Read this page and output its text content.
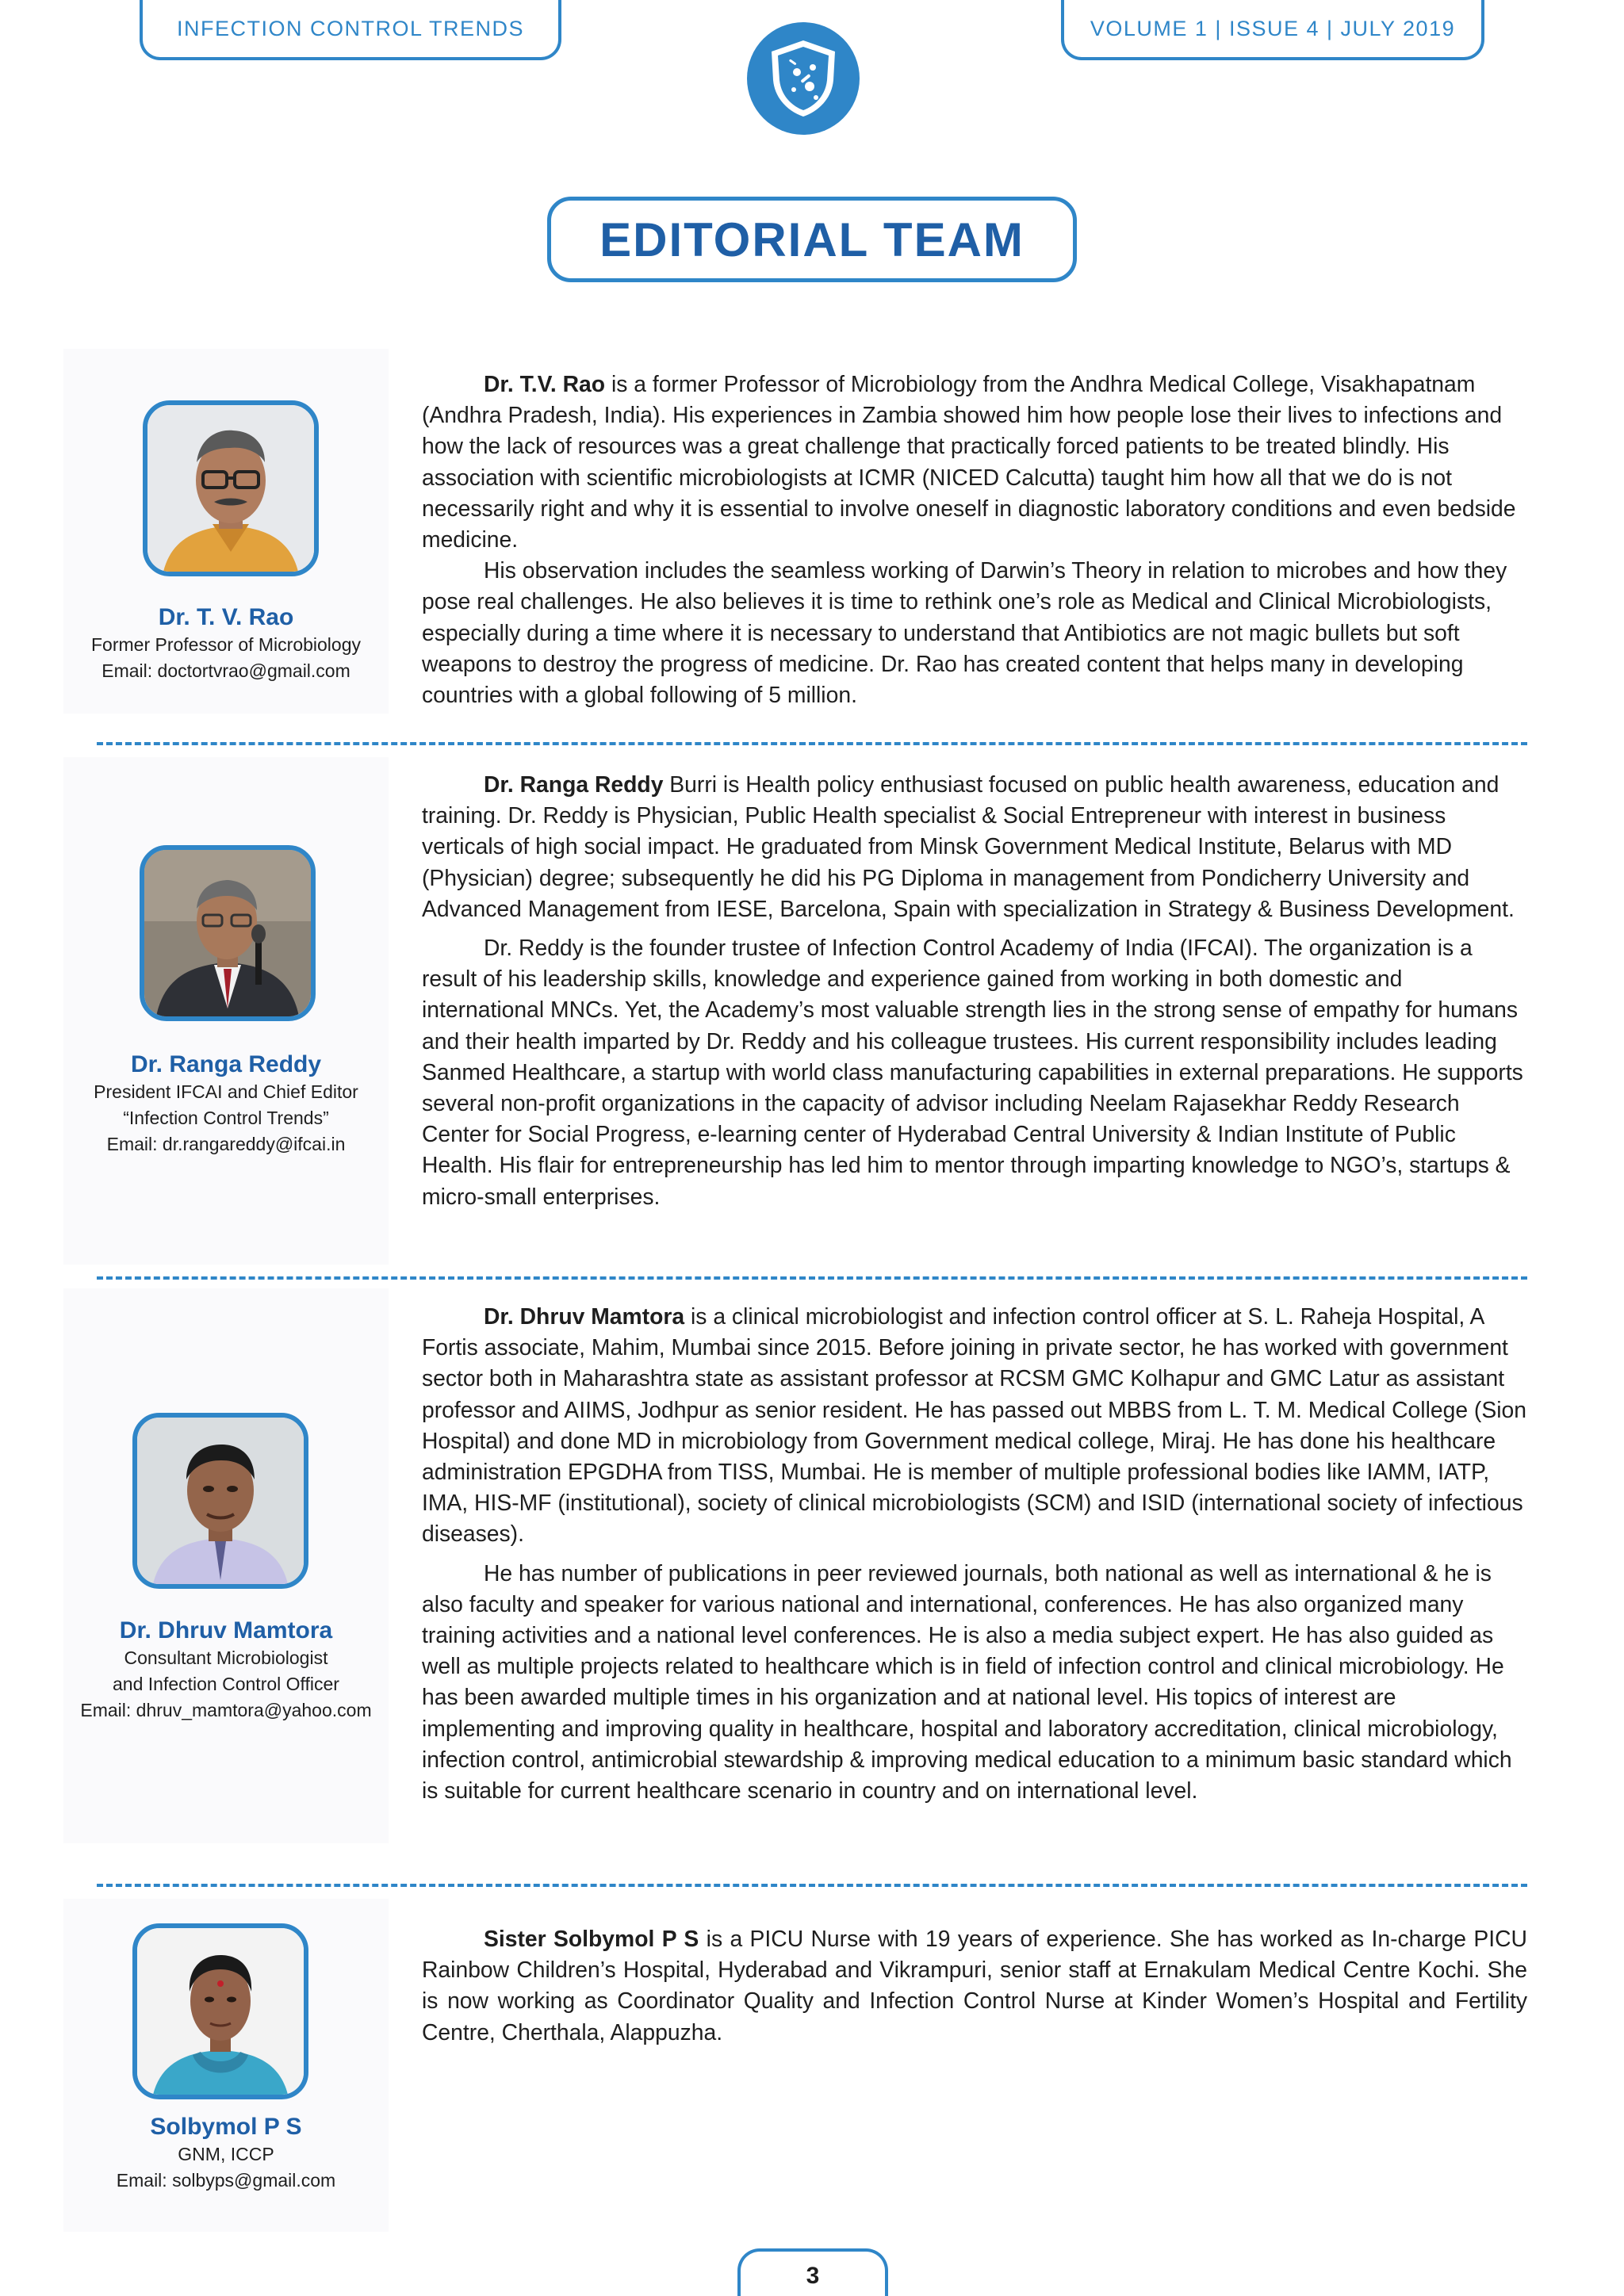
INFECTION CONTROL TRENDS	VOLUME 1 | ISSUE 4 | JULY 2019
EDITORIAL TEAM
Dr. T. V. Rao
Former Professor of Microbiology
Email: doctortvrao@gmail.com

Dr. T.V. Rao is a former Professor of Microbiology from the Andhra Medical College, Visakhapatnam (Andhra Pradesh, India). His experiences in Zambia showed him how people lose their lives to infections and how the lack of resources was a great challenge that practically forced patients to be treated blindly. His association with scientific microbiologists at ICMR (NICED Calcutta) taught him how all that we do is not necessarily right and why it is essential to involve oneself in diagnostic laboratory conditions and even bedside medicine.

His observation includes the seamless working of Darwin’s Theory in relation to microbes and how they pose real challenges. He also believes it is time to rethink one’s role as Medical and Clinical Microbiologists, especially during a time where it is necessary to understand that Antibiotics are not magic bullets but soft weapons to destroy the progress of medicine. Dr. Rao has created content that helps many in developing countries with a global following of 5 million.

Dr. Ranga Reddy
President IFCAI and Chief Editor
“Infection Control Trends”
Email: dr.rangareddy@ifcai.in

Dr. Ranga Reddy Burri is Health policy enthusiast focused on public health awareness, education and training. Dr. Reddy is Physician, Public Health specialist & Social Entrepreneur with interest in business verticals of high social impact. He graduated from Minsk Government Medical Institute, Belarus with MD (Physician) degree; subsequently he did his PG Diploma in management from Pondicherry University and Advanced Management from IESE, Barcelona, Spain with specialization in Strategy & Business Development.

Dr. Reddy is the founder trustee of Infection Control Academy of India (IFCAI). The organization is a result of his leadership skills, knowledge and experience gained from working in both domestic and international MNCs. Yet, the Academy’s most valuable strength lies in the strong sense of empathy for humans and their health imparted by Dr. Reddy and his colleague trustees. His current responsibility includes leading Sanmed Healthcare, a startup with world class manufacturing capabilities in external preparations. He supports several non-profit organizations in the capacity of advisor including Neelam Rajasekhar Reddy Research Center for Social Progress, e-learning center of Hyderabad Central University & Indian Institute of Public Health. His flair for entrepreneurship has led him to mentor through imparting knowledge to NGO’s, startups & micro-small enterprises.

Dr. Dhruv Mamtora
Consultant Microbiologist
and Infection Control Officer
Email: dhruv_mamtora@yahoo.com

Dr. Dhruv Mamtora is a clinical microbiologist and infection control officer at S. L. Raheja Hospital, A Fortis associate, Mahim, Mumbai since 2015. Before joining in private sector, he has worked with government sector both in Maharashtra state as assistant professor at RCSM GMC Kolhapur and GMC Latur as assistant professor and AIIMS, Jodhpur as senior resident. He has passed out MBBS from L. T. M. Medical College (Sion Hospital) and done MD in microbiology from Government medical college, Miraj. He has done his healthcare administration EPGDHA from TISS, Mumbai. He is member of multiple professional bodies like IAMM, IATP, IMA, HIS-MF (institutional), society of clinical microbiologists (SCM) and ISID (international society of infectious diseases).

He has number of publications in peer reviewed journals, both national as well as international & he is also faculty and speaker for various national and international, conferences. He has also organized many training activities and a national level conferences. He is also a media subject expert. He has also guided as well as multiple projects related to healthcare which is in field of infection control and clinical microbiology. He has been awarded multiple times in his organization and at national level. His topics of interest are implementing and improving quality in healthcare, hospital and laboratory accreditation, clinical microbiology, infection control, antimicrobial stewardship & improving medical education to a minimum basic standard which is suitable for current healthcare scenario in country and on international level.

Solbymol P S
GNM, ICCP
Email: solbyps@gmail.com

Sister Solbymol P S is a PICU Nurse with 19 years of experience. She has worked as In-charge PICU Rainbow Children’s Hospital, Hyderabad and Vikrampuri, senior staff at Ernakulam Medical Centre Kochi. She is now working as Coordinator Quality and Infection Control Nurse at Kinder Women’s Hospital and Fertility Centre, Cherthala, Alappuzha.

3
